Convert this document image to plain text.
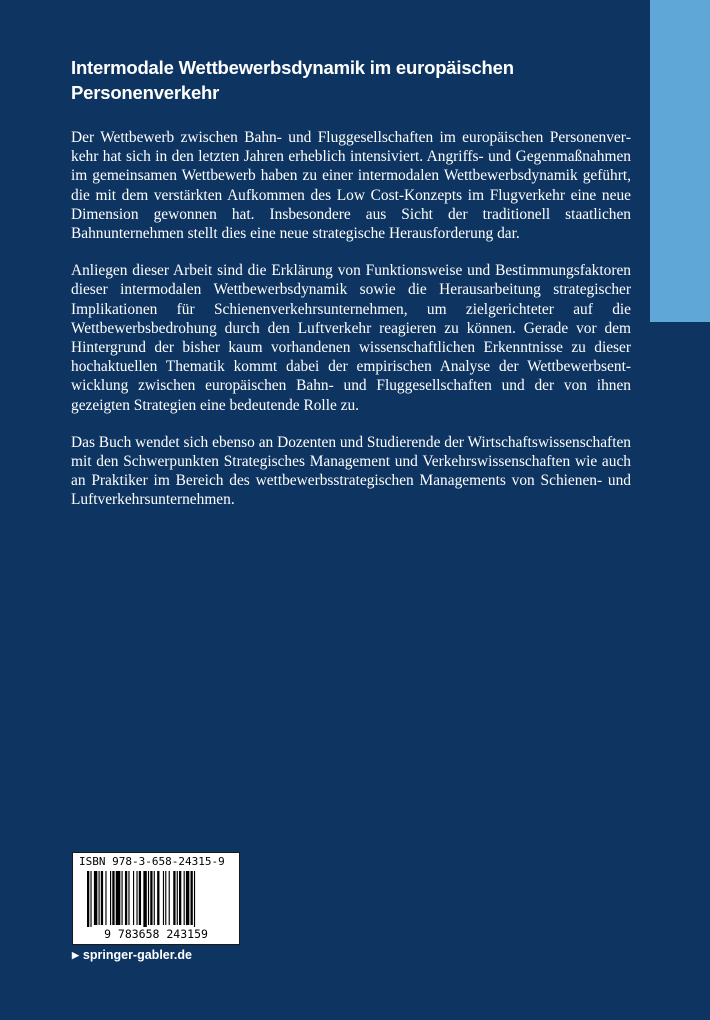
Intermodale Wettbewerbsdynamik im europäischen Personenverkehr

Der Wettbewerb zwischen Bahn- und Fluggesellschaften im europäischen Personenverkehr hat sich in den letzten Jahren erheblich intensiviert. Angriffs- und Gegenmaßnahmen im gemeinsamen Wettbewerb haben zu einer intermodalen Wettbewerbsdynamik geführt, die mit dem verstärkten Aufkommen des Low Cost-Konzepts im Flugverkehr eine neue Dimension gewonnen hat. Insbesondere aus Sicht der traditionell staatlichen Bahnunternehmen stellt dies eine neue strategische Herausforderung dar.

Anliegen dieser Arbeit sind die Erklärung von Funktionsweise und Bestimmungsfaktoren dieser intermodalen Wettbewerbsdynamik sowie die Herausarbeitung strategischer Implikationen für Schienenverkehrsunternehmen, um zielgerichteter auf die Wettbewerbsbedrohung durch den Luftverkehr reagieren zu können. Gerade vor dem Hintergrund der bisher kaum vorhandenen wissenschaftlichen Erkenntnisse zu dieser hochaktuellen Thematik kommt dabei der empirischen Analyse der Wettbewerbsentwicklung zwischen europäischen Bahn- und Fluggesellschaften und der von ihnen gezeigten Strategien eine bedeutende Rolle zu.

Das Buch wendet sich ebenso an Dozenten und Studierende der Wirtschaftswissenschaften mit den Schwerpunkten Strategisches Management und Verkehrswissenschaften wie auch an Praktiker im Bereich des wettbewerbsstrategischen Managements von Schienen- und Luftverkehrsunternehmen.

ISBN 978-3-658-24315-9
9 783658 243159
▶ springer-gabler.de
